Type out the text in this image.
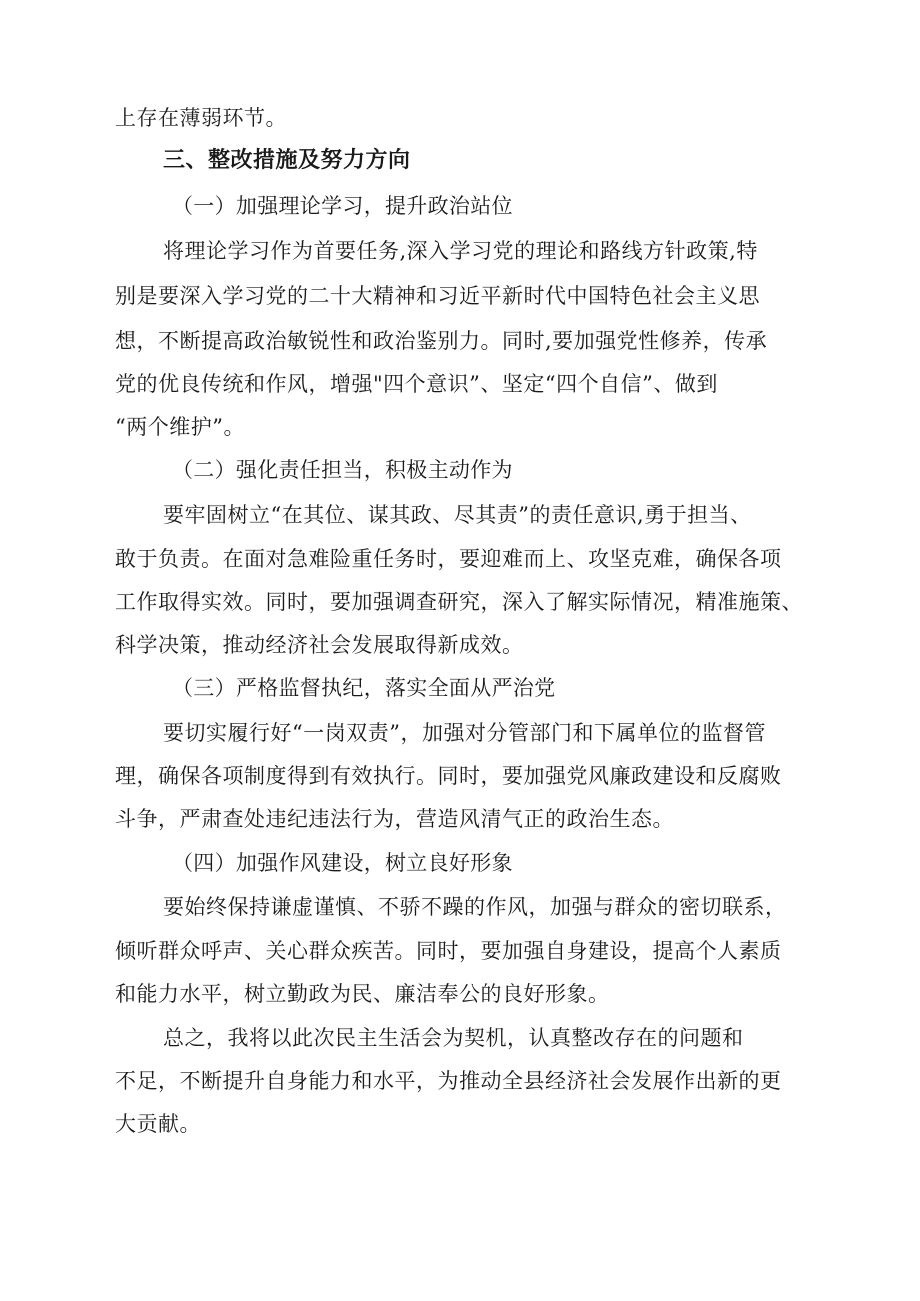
上存在薄弱环节。
三、整改措施及努力方向
（一）加强理论学习，提升政治站位
将理论学习作为首要任务,深入学习党的理论和路线方针政策,特
别是要深入学习党的二十大精神和习近平新时代中国特色社会主义思
想，不断提高政治敏锐性和政治鉴别力。同时,要加强党性修养，传承
党的优良传统和作风，增强"四个意识”、坚定“四个自信”、做到
“两个维护”。
（二）强化责任担当，积极主动作为
要牢固树立“在其位、谋其政、尽其责”的责任意识,勇于担当、
敢于负责。在面对急难险重任务时，要迎难而上、攻坚克难，确保各项
工作取得实效。同时，要加强调查研究，深入了解实际情况，精准施策、
科学决策，推动经济社会发展取得新成效。
（三）严格监督执纪，落实全面从严治党
要切实履行好“一岗双责”，加强对分管部门和下属单位的监督管
理，确保各项制度得到有效执行。同时，要加强党风廉政建设和反腐败
斗争，严肃查处违纪违法行为，营造风清气正的政治生态。
（四）加强作风建设，树立良好形象
要始终保持谦虚谨慎、不骄不躁的作风，加强与群众的密切联系，
倾听群众呼声、关心群众疾苦。同时，要加强自身建设，提高个人素质
和能力水平，树立勤政为民、廉洁奉公的良好形象。
总之，我将以此次民主生活会为契机，认真整改存在的问题和
不足，不断提升自身能力和水平，为推动全县经济社会发展作出新的更
大贡献。
